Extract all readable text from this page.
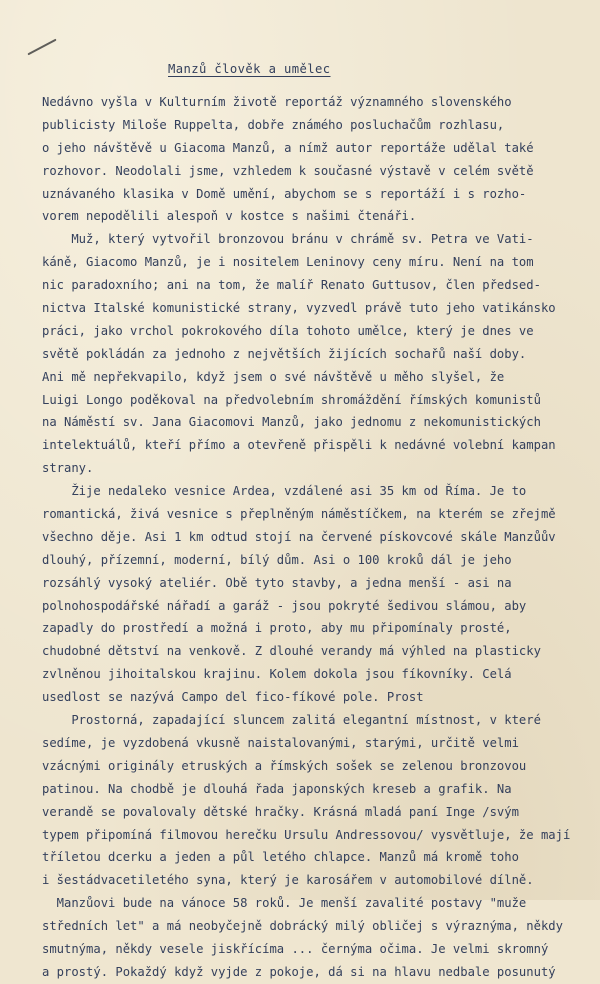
Manzů člověk a umělec
Nedávno vyšla v Kulturním životě reportáž významného slovenského
publicisty Miloše Ruppelta, dobře známého posluchačům rozhlasu,
o jeho návštěvě u Giacoma Manzů, a nímž autor reportáže udělal také
rozhovor. Neodolali jsme, vzhledem k současné výstavě v celém světě
uznávaného klasika v Domě umění, abychom se s reportáží i s rozho-
vorem nepodělili alespoň v kostce s našimi čtenáři.
Muž, který vytvořil bronzovou bránu v chrámě sv. Petra ve Vati-
káně, Giacomo Manzů, je i nositelem Leninovy ceny míru. Není na tom
nic paradoxního; ani na tom, že malíř Renato Guttusov, člen předsed-
nictva Italské komunistické strany, vyzvedl právě tuto jeho vatikánsko
práci, jako vrchol pokrokového díla tohoto umělce, který je dnes ve
světě pokládán za jednoho z největších žijících sochařů naší doby.
Ani mě nepřekvapilo, když jsem o své návštěvě u měho slyšel, že
Luigi Longo poděkoval na předvolebním shromáždění římských komunistů
na Náměstí sv. Jana Giacomovi Manzů, jako jednomu z nekomunistických
intelektuálů, kteří přímo a otevřeně přispěli k nedávné volební kampan
strany.
Žije nedaleko vesnice Ardea, vzdálené asi 35 km od Říma. Je to
romantická, živá vesnice s přeplněným náměstíčkem, na kterém se zřejmě
všechno děje. Asi 1 km odtud stojí na červené pískovcové skále Manzůův
dlouhý, přízemní, moderní, bílý dům. Asi o 100 kroků dál je jeho
rozsáhlý vysoký ateliér. Obě tyto stavby, a jedna menší - asi na
polnohospodářské nářadí a garáž - jsou pokryté šedivou slámou, aby
zapadly do prostředí a možná i proto, aby mu připomínaly prosté,
chudobné dětství na venkově. Z dlouhé verandy má výhled na plasticky
zvlněnou jihoitalskou krajinu. Kolem dokola jsou fíkovníky. Celá
usedlost se nazývá Campo del fico-fíkové pole. Prost
Prostorná, zapadající sluncem zalitá elegantní místnost, v které
sedíme, je vyzdobená vkusně naistalovanými, starými, určitě velmi
vzácnými originály etruských a římských sošek se zelenou bronzovou
patinou. Na chodbě je dlouhá řada japonských kreseb a grafik. Na
verandě se povalovaly dětské hračky. Krásná mladá paní Inge /svým
typem připomíná filmovou herečku Ursulu Andressovou/ vysvětluje, že mají
tříletou dcerku a jeden a půl letého chlapce. Manzů má kromě toho
i šestádvacetiletého syna, který je karosářem v automobilové dílně.
Manzůovi bude na vánoce 58 roků. Je menší zavalité postavy "muže
středních let" a má neobyčejně dobrácký milý obličej s výraznýma, někdy
smutnýma, někdy vesele jiskřícíma ... černýma očima. Je velmi skromný
a prostý. Pokaždý když vyjde z pokoje, dá si na hlavu nedbale posunutý
